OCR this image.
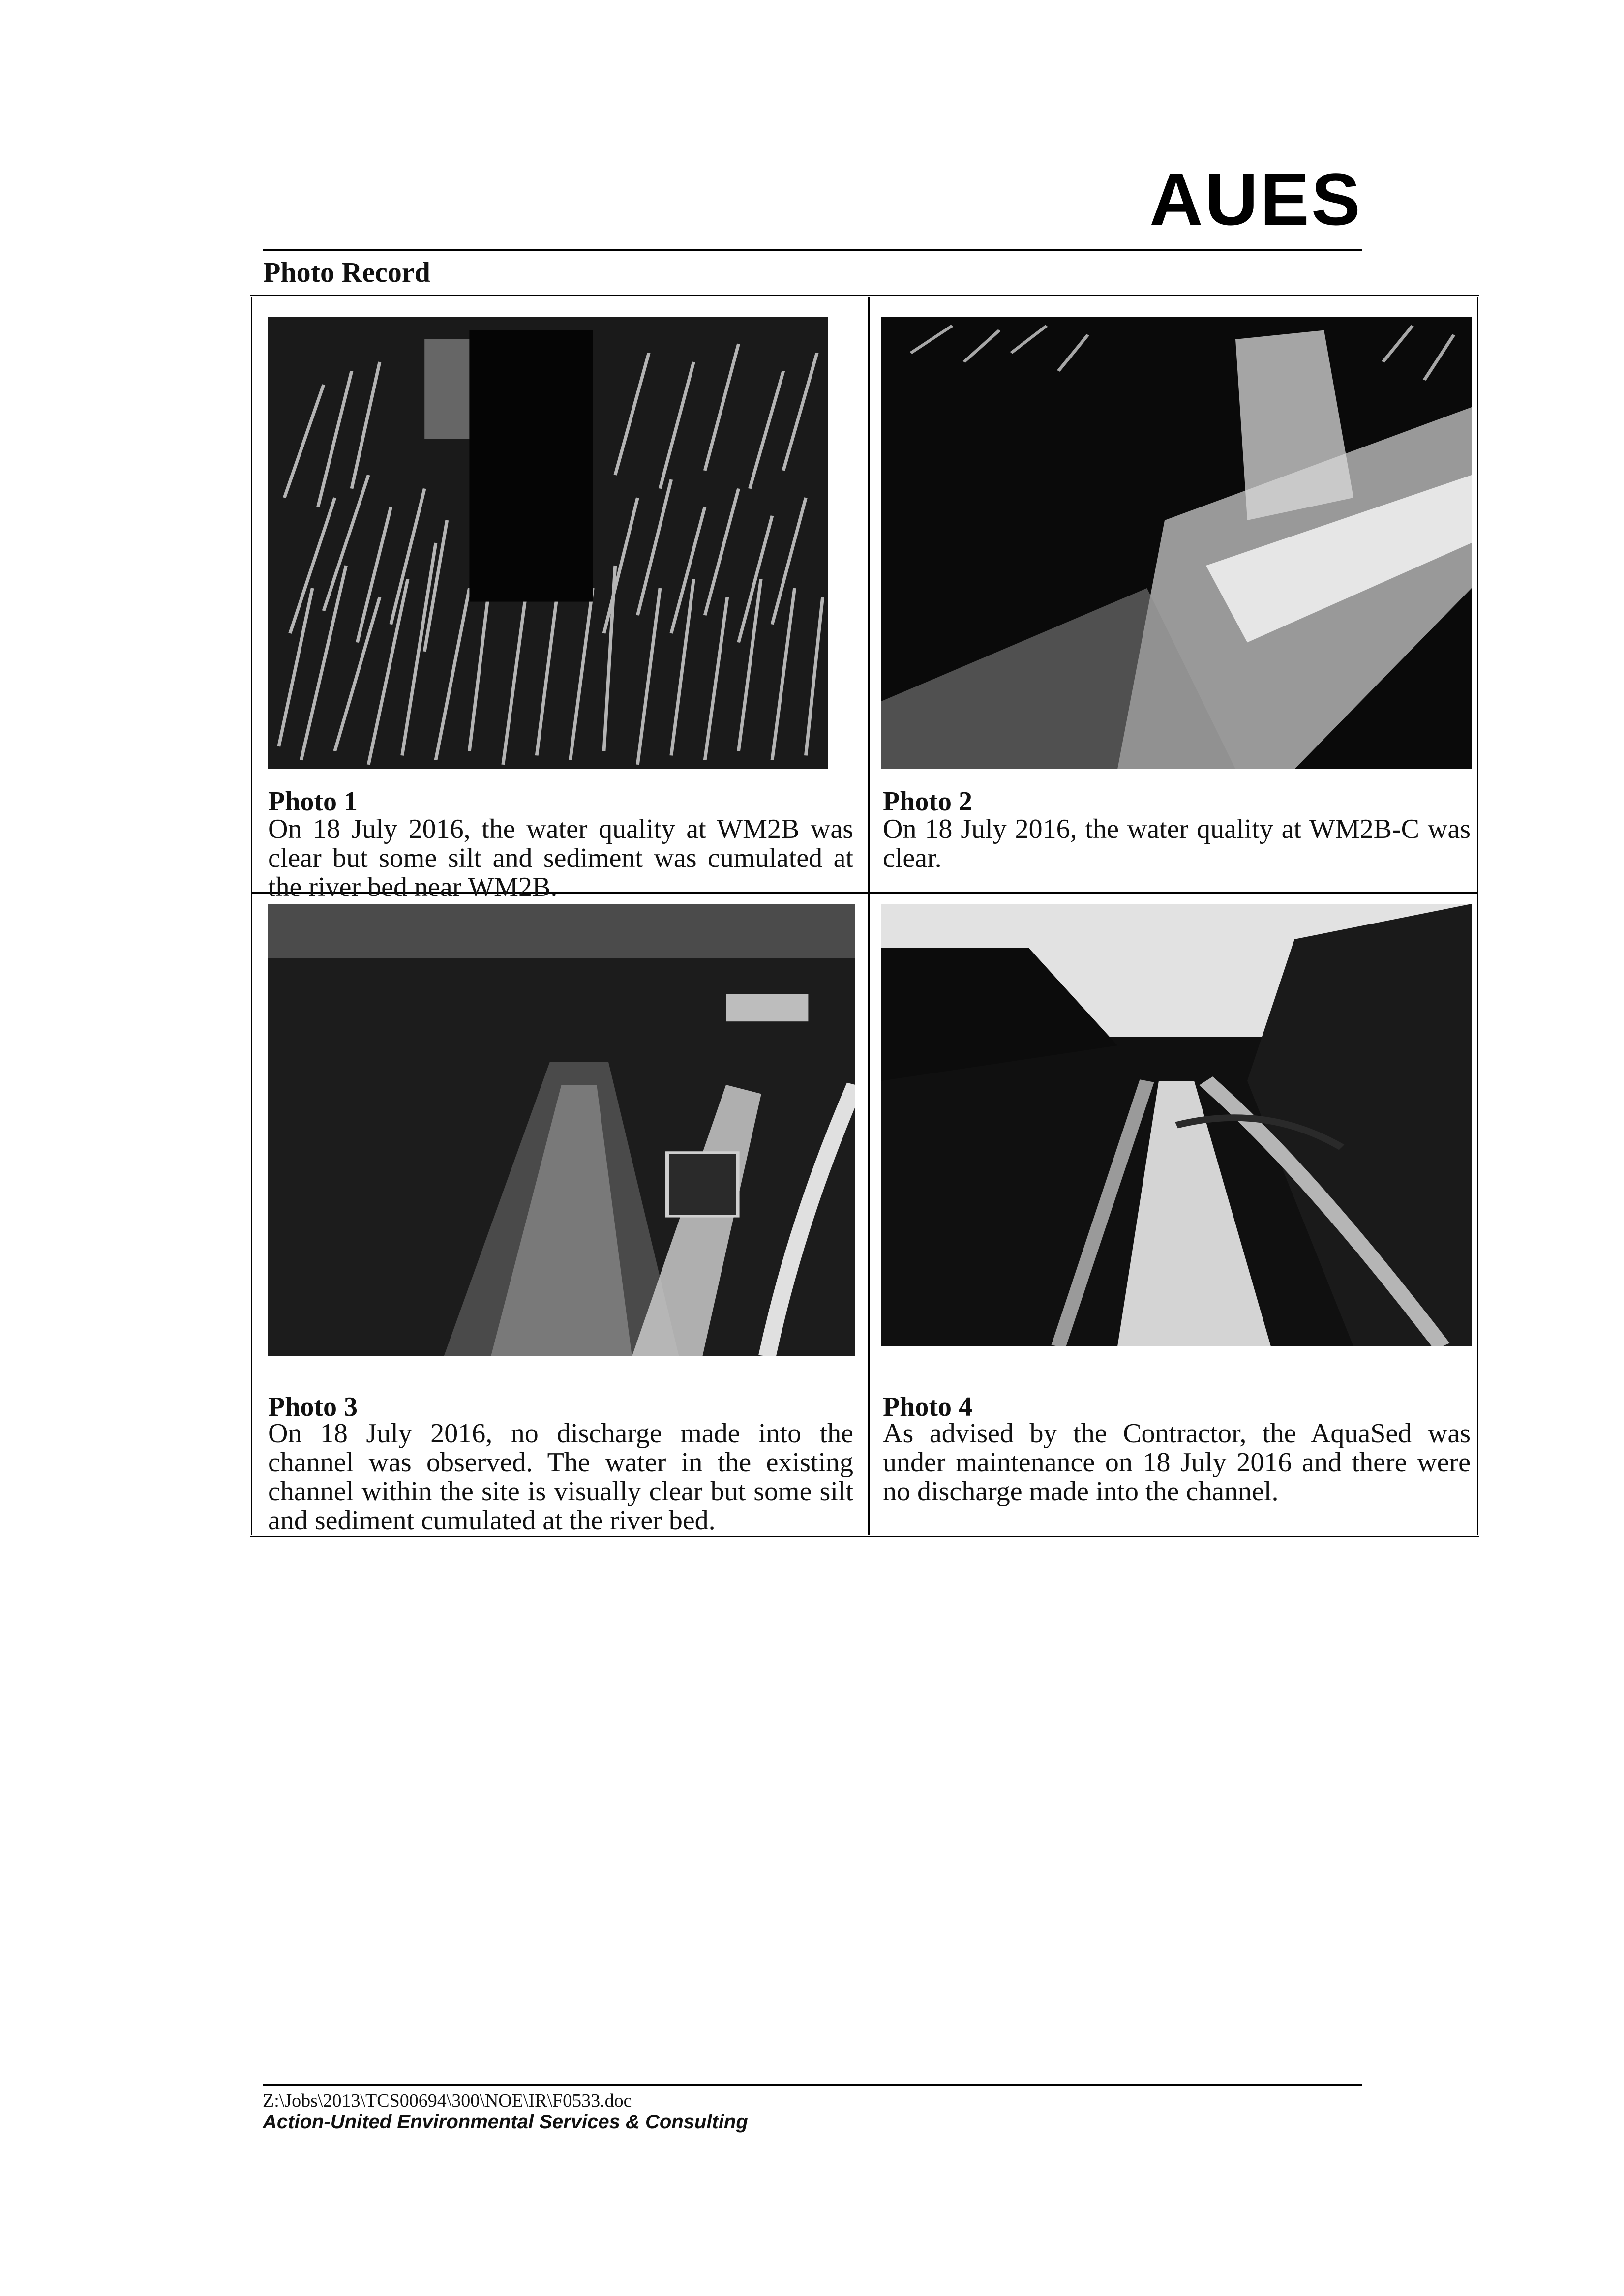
AUES
Photo Record
Photo 1
On 18 July 2016, the water quality at WM2B was clear but some silt and sediment was cumulated at the river bed near WM2B.
Photo 2
On 18 July 2016, the water quality at WM2B-C was clear.
Photo 3
On 18 July 2016, no discharge made into the channel was observed. The water in the existing channel within the site is visually clear but some silt and sediment cumulated at the river bed.
Photo 4
As advised by the Contractor, the AquaSed was under maintenance on 18 July 2016 and there were no discharge made into the channel.
Z:\Jobs\2013\TCS00694\300\NOE\IR\F0533.doc
Action-United Environmental Services & Consulting
